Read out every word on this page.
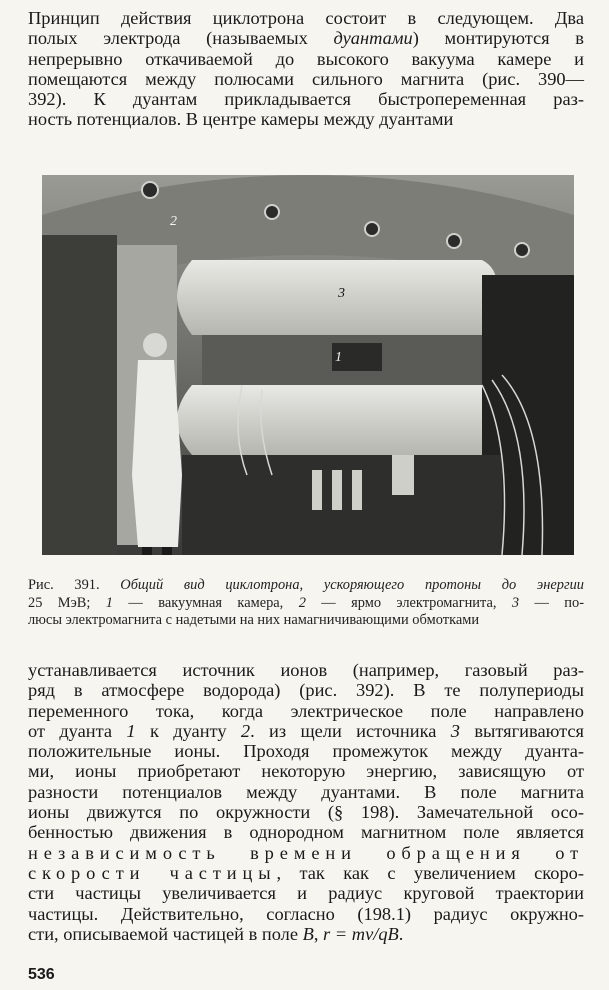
Принцип действия циклотрона состоит в следующем. Два
полых электрода (называемых дуантами) монтируются в
непрерывно откачиваемой до высокого вакуума камере и
помещаются между полюсами сильного магнита (рис. 390—
392). К дуантам прикладывается быстропеременная раз-
ность потенциалов. В центре камеры между дуантами
2
3
1
Рис. 391. Общий вид циклотрона, ускоряющего протоны до энергии
25 МэВ; 1 — вакуумная камера, 2 — ярмо электромагнита, 3 — по-
люсы электромагнита с надетыми на них намагничивающими обмотками
устанавливается источник ионов (например, газовый раз-
ряд в атмосфере водорода) (рис. 392). В те полупериоды
переменного тока, когда электрическое поле направлено
от дуанта 1 к дуанту 2. из щели источника 3 вытягиваются
положительные ионы. Проходя промежуток между дуанта-
ми, ионы приобретают некоторую энергию, зависящую от
разности потенциалов между дуантами. В поле магнита
ионы движутся по окружности (§ 198). Замечательной осо-
бенностью движения в однородном магнитном поле является
независимость времени обращения от
скорости частицы, так как с увеличением скоро-
сти частицы увеличивается и радиус круговой траектории
частицы. Действительно, согласно (198.1) радиус окружно-
сти, описываемой частицей в поле B, r = mv/qB.
536
